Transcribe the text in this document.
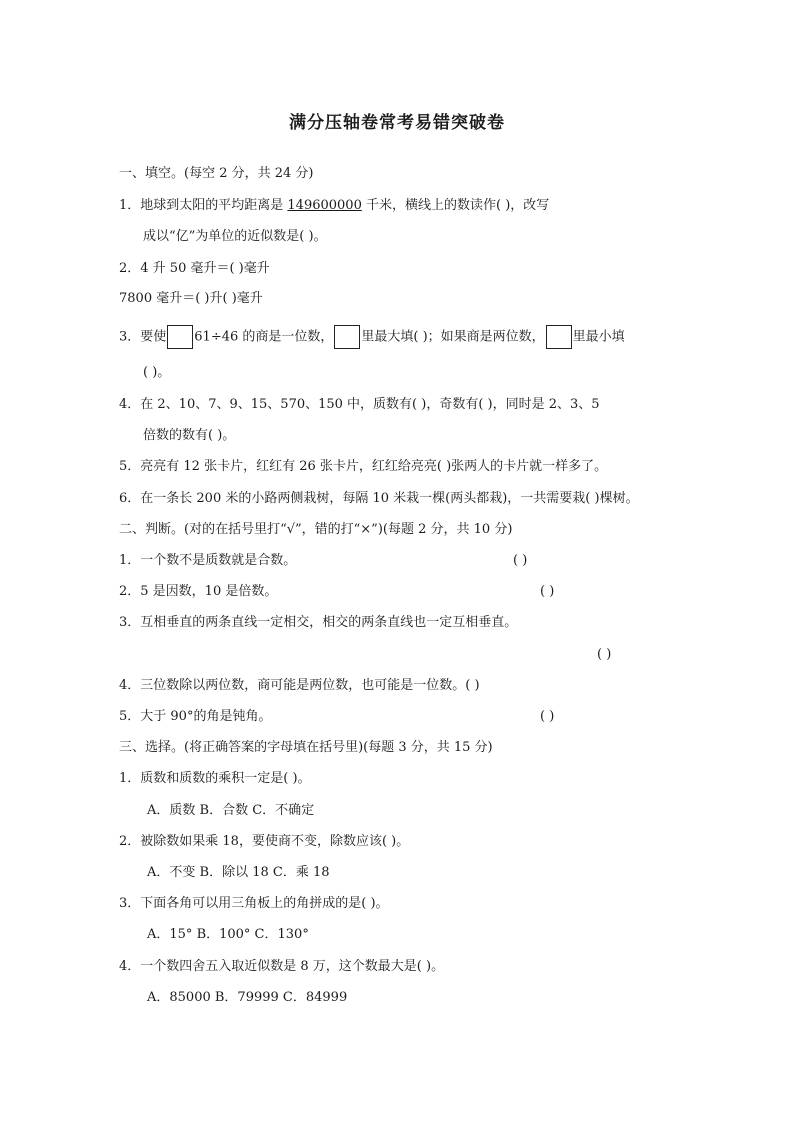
满分压轴卷常考易错突破卷
一、填空。(每空 2 分，共 24 分)
1．地球到太阳的平均距离是 149600000 千米，横线上的数读作( )，改写
成以“亿”为单位的近似数是( )。
2．4 升 50 毫升＝( )毫升
7800 毫升＝( )升( )毫升
3．要使 61÷46 的商是一位数， 里最大填( )；如果商是两位数， 里最小填
( )。
4．在 2、10、7、9、15、570、150 中，质数有( )，奇数有( )，同时是 2、3、5
倍数的数有( )。
5．亮亮有 12 张卡片，红红有 26 张卡片，红红给亮亮( )张两人的卡片就一样多了。
6．在一条长 200 米的小路两侧栽树，每隔 10 米栽一棵(两头都栽)，一共需要栽( )棵树。
二、判断。(对的在括号里打“√”，错的打“×”)(每题 2 分，共 10 分)
1．一个数不是质数就是合数。	( )
2．5 是因数，10 是倍数。	( )
3．互相垂直的两条直线一定相交，相交的两条直线也一定互相垂直。
( )
4．三位数除以两位数，商可能是两位数，也可能是一位数。( )
5．大于 90°的角是钝角。	( )
三、选择。(将正确答案的字母填在括号里)(每题 3 分，共 15 分)
1．质数和质数的乘积一定是( )。
A．质数 B．合数 C．不确定
2．被除数如果乘 18，要使商不变，除数应该( )。
A．不变 B．除以 18 C．乘 18
3．下面各角可以用三角板上的角拼成的是( )。
A．15° B．100° C．130°
4．一个数四舍五入取近似数是 8 万，这个数最大是( )。
A．85000 B．79999 C．84999
